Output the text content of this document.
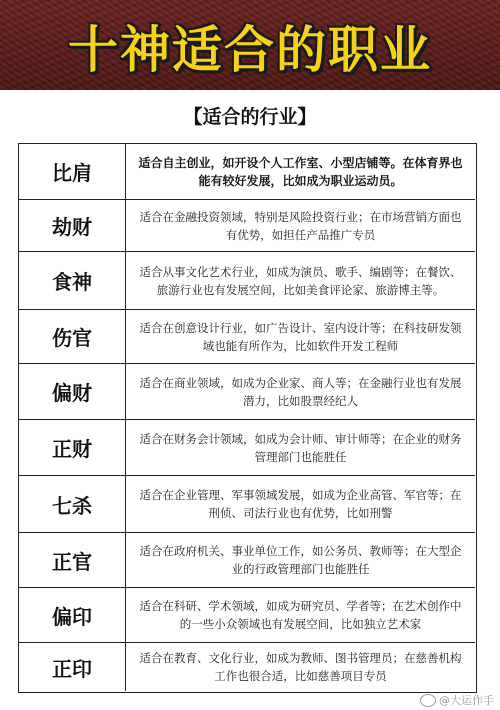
十神适合的职业
【适合的行业】
比肩	适合自主创业，如开设个人工作室、小型店铺等。在体育界也能有较好发展，比如成为职业运动员。
劫财	适合在金融投资领域，特别是风险投资行业；在市场营销方面也有优势，如担任产品推广专员
食神	适合从事文化艺术行业，如成为演员、歌手、编剧等；在餐饮、旅游行业也有发展空间，比如美食评论家、旅游博主等。
伤官	适合在创意设计行业，如广告设计、室内设计等；在科技研发领域也能有所作为，比如软件开发工程师
偏财	适合在商业领域，如成为企业家、商人等；在金融行业也有发展潜力，比如股票经纪人
正财	适合在财务会计领域，如成为会计师、审计师等；在企业的财务管理部门也能胜任
七杀	适合在企业管理、军事领域发展，如成为企业高管、军官等；在刑侦、司法行业也有优势，比如刑警
正官	适合在政府机关、事业单位工作，如公务员、教师等；在大型企业的行政管理部门也能胜任
偏印	适合在科研、学术领域，如成为研究员、学者等；在艺术创作中的一些小众领域也有发展空间，比如独立艺术家
正印	适合在教育、文化行业，如成为教师、图书管理员；在慈善机构工作也很合适，比如慈善项目专员
@大运作手
